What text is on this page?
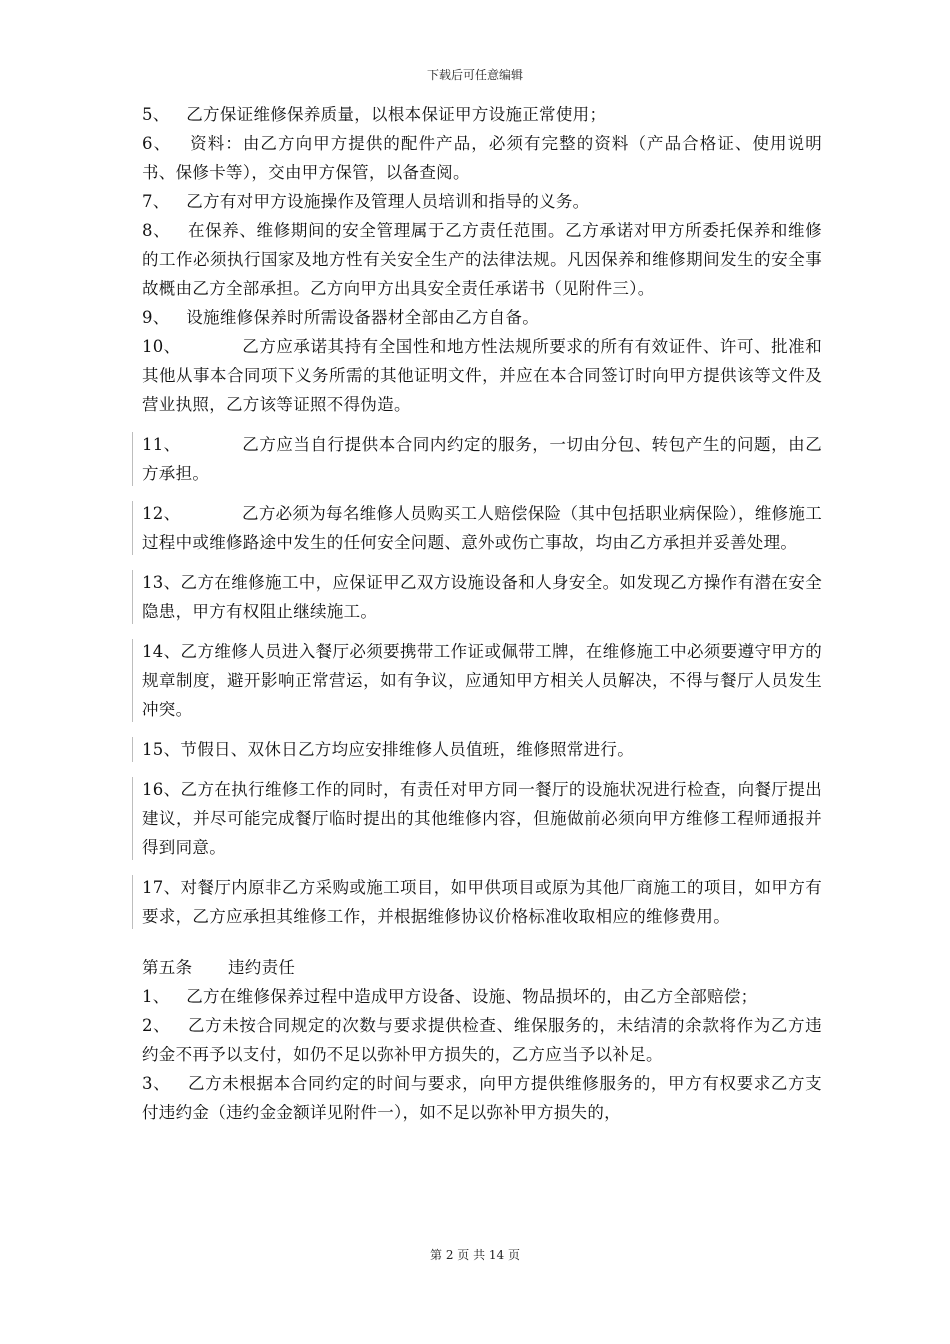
下载后可任意编辑

5、 乙方保证维修保养质量，以根本保证甲方设施正常使用；

6、 资料：由乙方向甲方提供的配件产品，必须有完整的资料（产品合格证、使用说明书、保修卡等），交由甲方保管，以备查阅。

7、 乙方有对甲方设施操作及管理人员培训和指导的义务。

8、 在保养、维修期间的安全管理属于乙方责任范围。乙方承诺对甲方所委托保养和维修的工作必须执行国家及地方性有关安全生产的法律法规。凡因保养和维修期间发生的安全事故概由乙方全部承担。乙方向甲方出具安全责任承诺书（见附件三）。

9、 设施维修保养时所需设备器材全部由乙方自备。

10、	乙方应承诺其持有全国性和地方性法规所要求的所有有效证件、许可、批准和其他从事本合同项下义务所需的其他证明文件，并应在本合同签订时向甲方提供该等文件及营业执照，乙方该等证照不得伪造。

11、	乙方应当自行提供本合同内约定的服务，一切由分包、转包产生的问题，由乙方承担。

12、	乙方必须为每名维修人员购买工人赔偿保险（其中包括职业病保险），维修施工过程中或维修路途中发生的任何安全问题、意外或伤亡事故，均由乙方承担并妥善处理。

13、乙方在维修施工中，应保证甲乙双方设施设备和人身安全。如发现乙方操作有潜在安全隐患，甲方有权阻止继续施工。

14、乙方维修人员进入餐厅必须要携带工作证或佩带工牌，在维修施工中必须要遵守甲方的规章制度，避开影响正常营运，如有争议，应通知甲方相关人员解决，不得与餐厅人员发生冲突。

15、节假日、双休日乙方均应安排维修人员值班，维修照常进行。

16、乙方在执行维修工作的同时，有责任对甲方同一餐厅的设施状况进行检查，向餐厅提出建议，并尽可能完成餐厅临时提出的其他维修内容，但施做前必须向甲方维修工程师通报并得到同意。

17、对餐厅内原非乙方采购或施工项目，如甲供项目或原为其他厂商施工的项目，如甲方有要求，乙方应承担其维修工作，并根据维修协议价格标准收取相应的维修费用。

第五条 违约责任

1、 乙方在维修保养过程中造成甲方设备、设施、物品损坏的，由乙方全部赔偿；

2、 乙方未按合同规定的次数与要求提供检查、维保服务的，未结清的余款将作为乙方违约金不再予以支付，如仍不足以弥补甲方损失的，乙方应当予以补足。

3、 乙方未根据本合同约定的时间与要求，向甲方提供维修服务的，甲方有权要求乙方支付违约金（违约金金额详见附件一），如不足以弥补甲方损失的，

第 2 页 共 14 页
